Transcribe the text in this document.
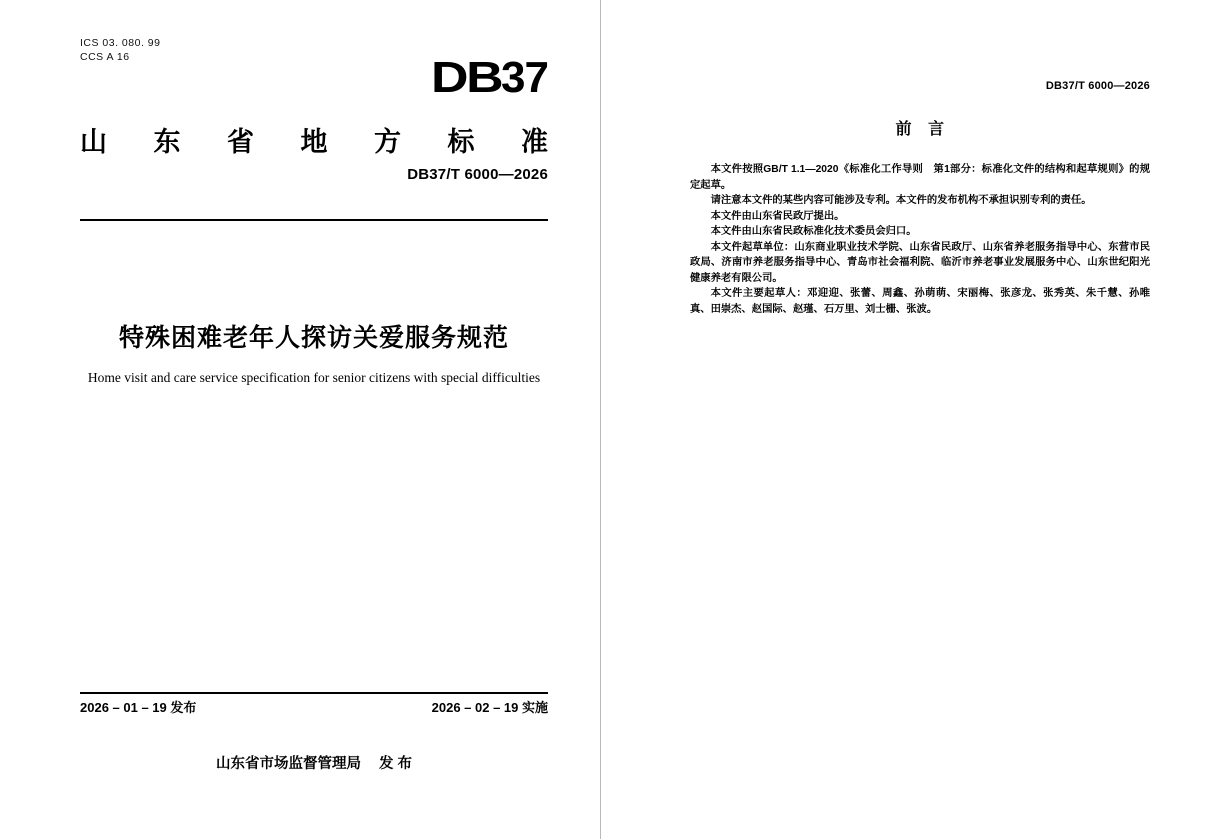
ICS 03. 080. 99
CCS A 16	DB37
山 东 省 地 方 标 准
DB37/T 6000—2026
特殊困难老年人探访关爱服务规范
Home visit and care service specification for senior citizens with special difficulties
2026 – 01 – 19 发布	2026 – 02 – 19 实施
山东省市场监督管理局 发 布
DB37/T 6000—2026
前 言

本文件按照GB/T 1.1—2020《标准化工作导则　第1部分：标准化文件的结构和起草规则》的规定起草。

请注意本文件的某些内容可能涉及专利。本文件的发布机构不承担识别专利的责任。

本文件由山东省民政厅提出。

本文件由山东省民政标准化技术委员会归口。

本文件起草单位：山东商业职业技术学院、山东省民政厅、山东省养老服务指导中心、东营市民政局、济南市养老服务指导中心、青岛市社会福利院、临沂市养老事业发展服务中心、山东世纪阳光健康养老有限公司。

本文件主要起草人：邓迎迎、张蕾、周鑫、孙萌萌、宋丽梅、张彦龙、张秀英、朱千慧、孙唯真、田崇杰、赵国际、赵瑾、石万里、刘士栅、张波。
